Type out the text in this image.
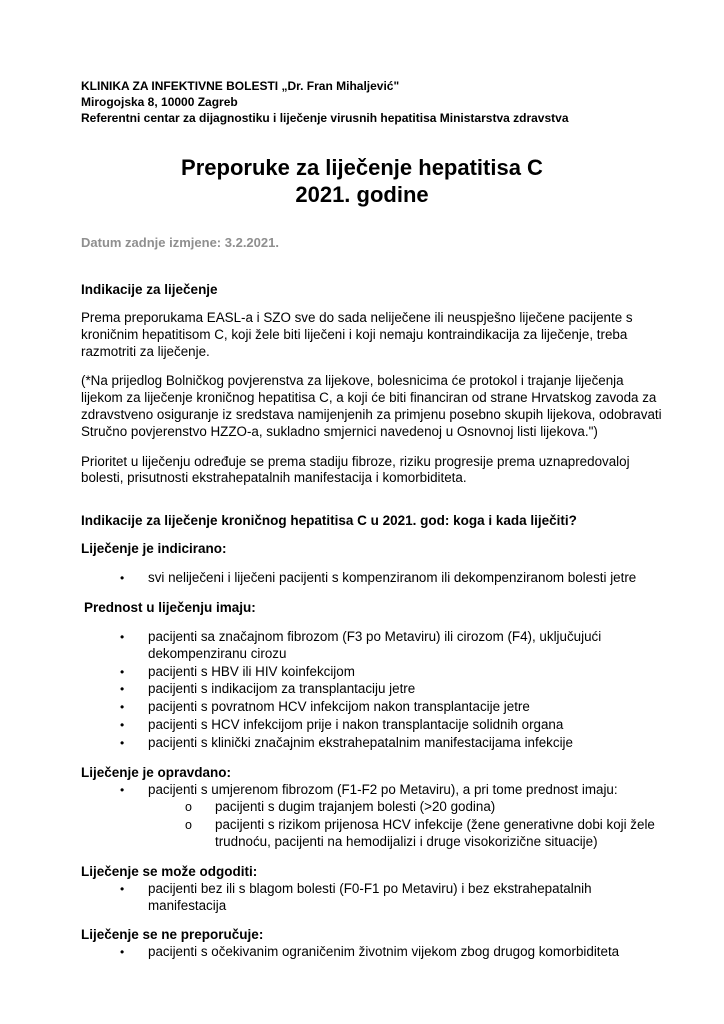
KLINIKA ZA INFEKTIVNE BOLESTI „Dr. Fran Mihaljević"
Mirogojska 8, 10000 Zagreb
Referentni centar za dijagnostiku i liječenje virusnih hepatitisa Ministarstva zdravstva
Preporuke za liječenje hepatitisa C
2021. godine
Datum zadnje izmjene: 3.2.2021.
Indikacije za liječenje
Prema preporukama EASL-a i SZO sve do sada neliječene ili neuspješno liječene pacijente s kroničnim hepatitisom C, koji žele biti liječeni i koji nemaju kontraindikacija za liječenje, treba razmotriti za liječenje.
(*Na prijedlog Bolničkog povjerenstva za lijekove, bolesnicima će protokol i trajanje liječenja lijekom za liječenje kroničnog hepatitisa C, a koji će biti financiran od strane Hrvatskog zavoda za zdravstveno osiguranje iz sredstava namijenjenih za primjenu posebno skupih lijekova, odobravati Stručno povjerenstvo HZZO-a, sukladno smjernici navedenoj u Osnovnoj listi lijekova.")
Prioritet u liječenju određuje se prema stadiju fibroze, riziku progresije prema uznapredovaloj bolesti, prisutnosti ekstrahepatalnih manifestacija i komorbiditeta.
Indikacije za liječenje kroničnog hepatitisa C u 2021. god: koga i kada liječiti?
Liječenje je indicirano:
•	svi neliječeni i liječeni pacijenti s kompenziranom ili dekompenziranom bolesti jetre
Prednost u liječenju imaju:
•	pacijenti sa značajnom fibrozom (F3 po Metaviru) ili cirozom (F4), uključujući dekompenziranu cirozu
•	pacijenti s HBV ili HIV koinfekcijom
•	pacijenti s indikacijom za transplantaciju jetre
•	pacijenti s povratnom HCV infekcijom nakon transplantacije jetre
•	pacijenti s HCV infekcijom prije i nakon transplantacije solidnih organa
•	pacijenti s klinički značajnim ekstrahepatalnim manifestacijama infekcije
Liječenje je opravdano:
•	pacijenti s umjerenom fibrozom (F1-F2 po Metaviru), a pri tome prednost imaju:
o	pacijenti s dugim trajanjem bolesti (>20 godina)
o	pacijenti s rizikom prijenosa HCV infekcije (žene generativne dobi koji žele trudnoću, pacijenti na hemodijalizi i druge visokorizične situacije)
Liječenje se može odgoditi:
•	pacijenti bez ili s blagom bolesti (F0-F1 po Metaviru) i bez ekstrahepatalnih manifestacija
Liječenje se ne preporučuje:
•	pacijenti s očekivanim ograničenim životnim vijekom zbog drugog komorbiditeta
